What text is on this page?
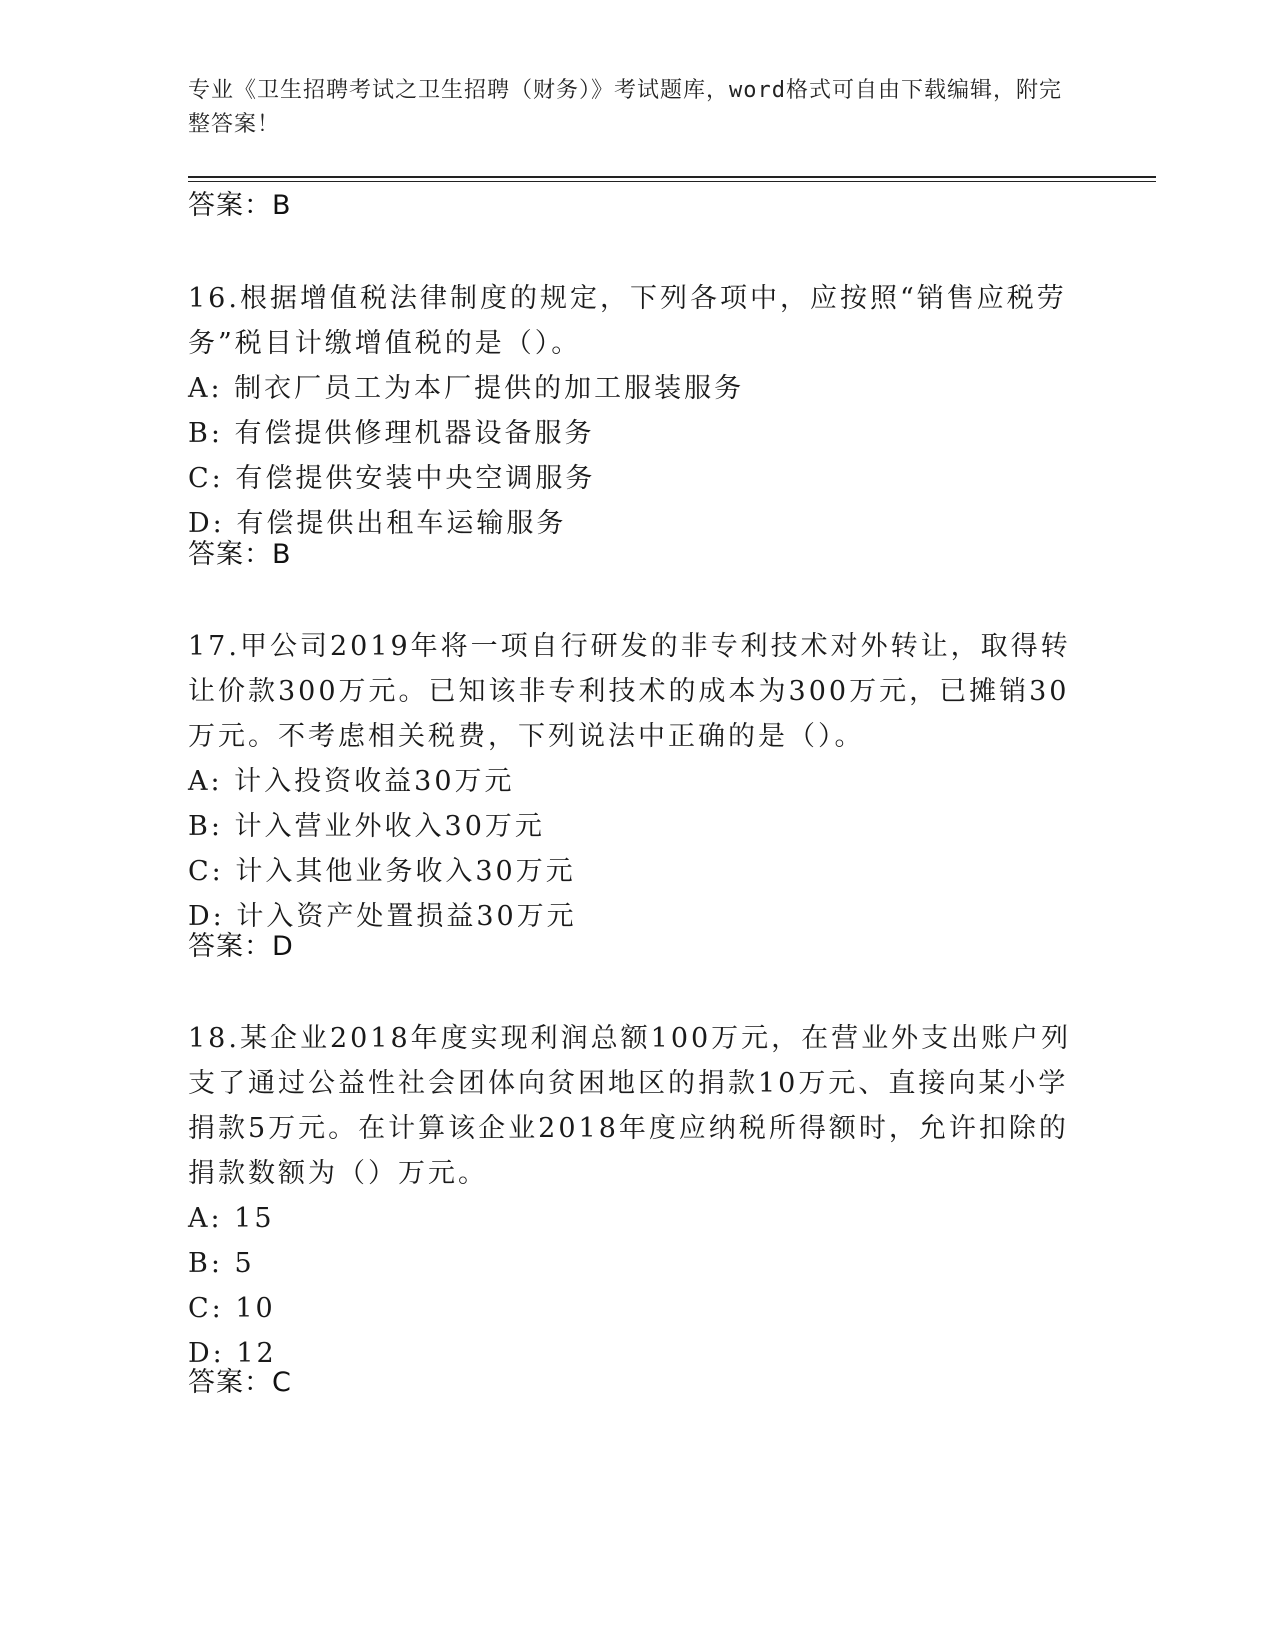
专业《卫生招聘考试之卫生招聘（财务）》考试题库，word格式可自由下载编辑，附完整答案！
答案：B
16.根据增值税法律制度的规定，下列各项中，应按照“销售应税劳务”税目计缴增值税的是（）。
A: 制衣厂员工为本厂提供的加工服装服务
B: 有偿提供修理机器设备服务
C: 有偿提供安装中央空调服务
D: 有偿提供出租车运输服务
答案：B
17.甲公司2019年将一项自行研发的非专利技术对外转让，取得转让价款300万元。已知该非专利技术的成本为300万元，已摊销30万元。不考虑相关税费，下列说法中正确的是（）。
A: 计入投资收益30万元
B: 计入营业外收入30万元
C: 计入其他业务收入30万元
D: 计入资产处置损益30万元
答案：D
18.某企业2018年度实现利润总额100万元，在营业外支出账户列支了通过公益性社会团体向贫困地区的捐款10万元、直接向某小学捐款5万元。在计算该企业2018年度应纳税所得额时，允许扣除的捐款数额为（）万元。
A: 15
B: 5
C: 10
D: 12
答案：C
